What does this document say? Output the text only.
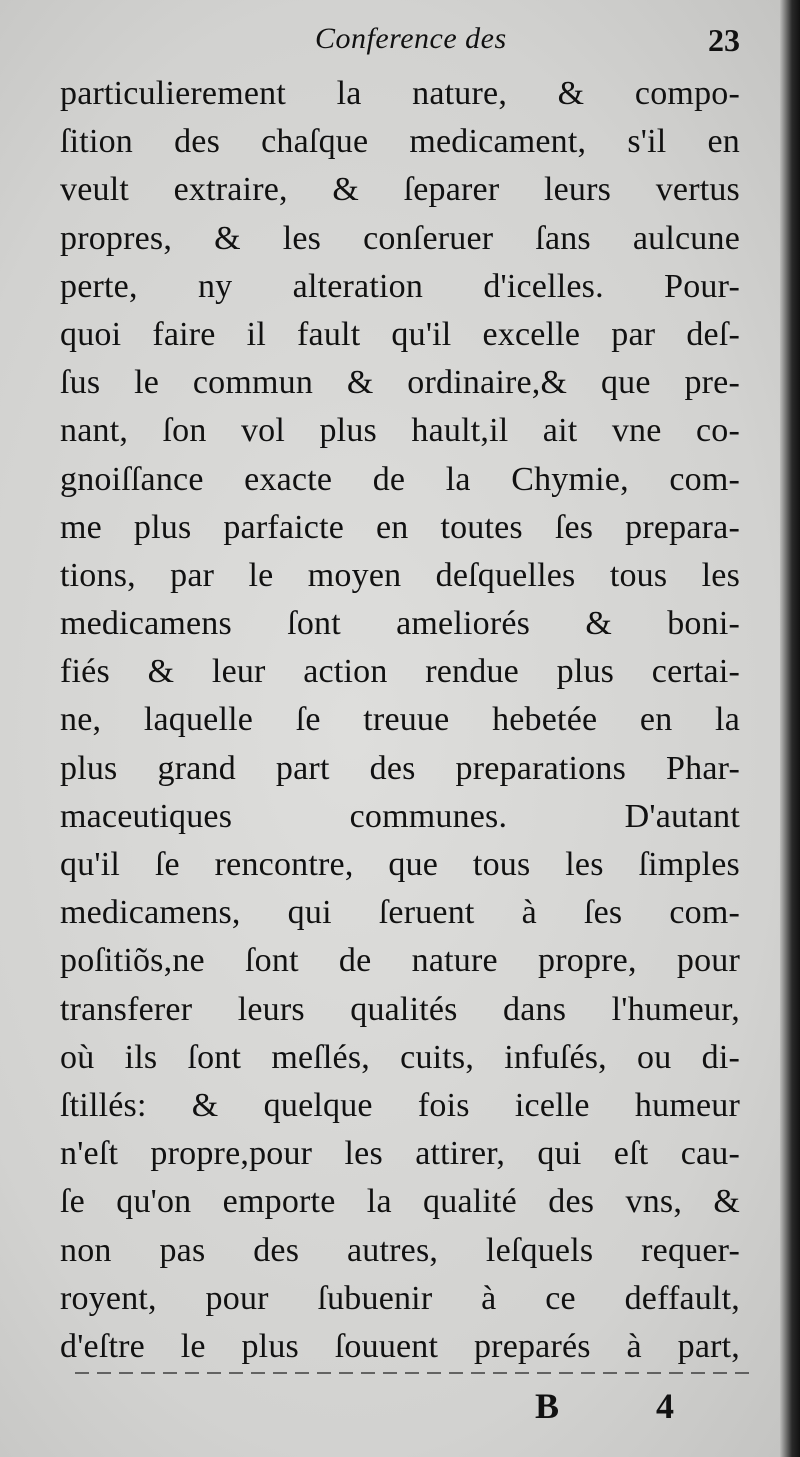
Conference des	23
particulierement la nature, & compo-
ſition des chaſque medicament, s'il en
veult extraire, & ſeparer leurs vertus
propres, & les conſeruer ſans aulcune
perte, ny alteration d'icelles. Pour-
quoi faire il fault qu'il excelle par deſ-
ſus le commun & ordinaire,& que pre-
nant, ſon vol plus hault,il ait vne co-
gnoiſſance exacte de la Chymie, com-
me plus parfaicte en toutes ſes prepara-
tions, par le moyen deſquelles tous les
medicamens ſont ameliorés & boni-
fiés & leur action rendue plus certai-
ne, laquelle ſe treuue hebetée en la
plus grand part des preparations Phar-
maceutiques communes. D'autant
qu'il ſe rencontre, que tous les ſimples
medicamens, qui ſeruent à ſes com-
poſitiõs,ne ſont de nature propre, pour
transferer leurs qualités dans l'humeur,
où ils ſont meſlés, cuits, infuſés, ou di-
ſtillés: & quelque fois icelle humeur
n'eſt propre,pour les attirer, qui eſt cau-
ſe qu'on emporte la qualité des vns, &
non pas des autres, leſquels requer-
royent, pour ſubuenir à ce deffault,
d'eſtre le plus ſouuent preparés à part,
B 4
